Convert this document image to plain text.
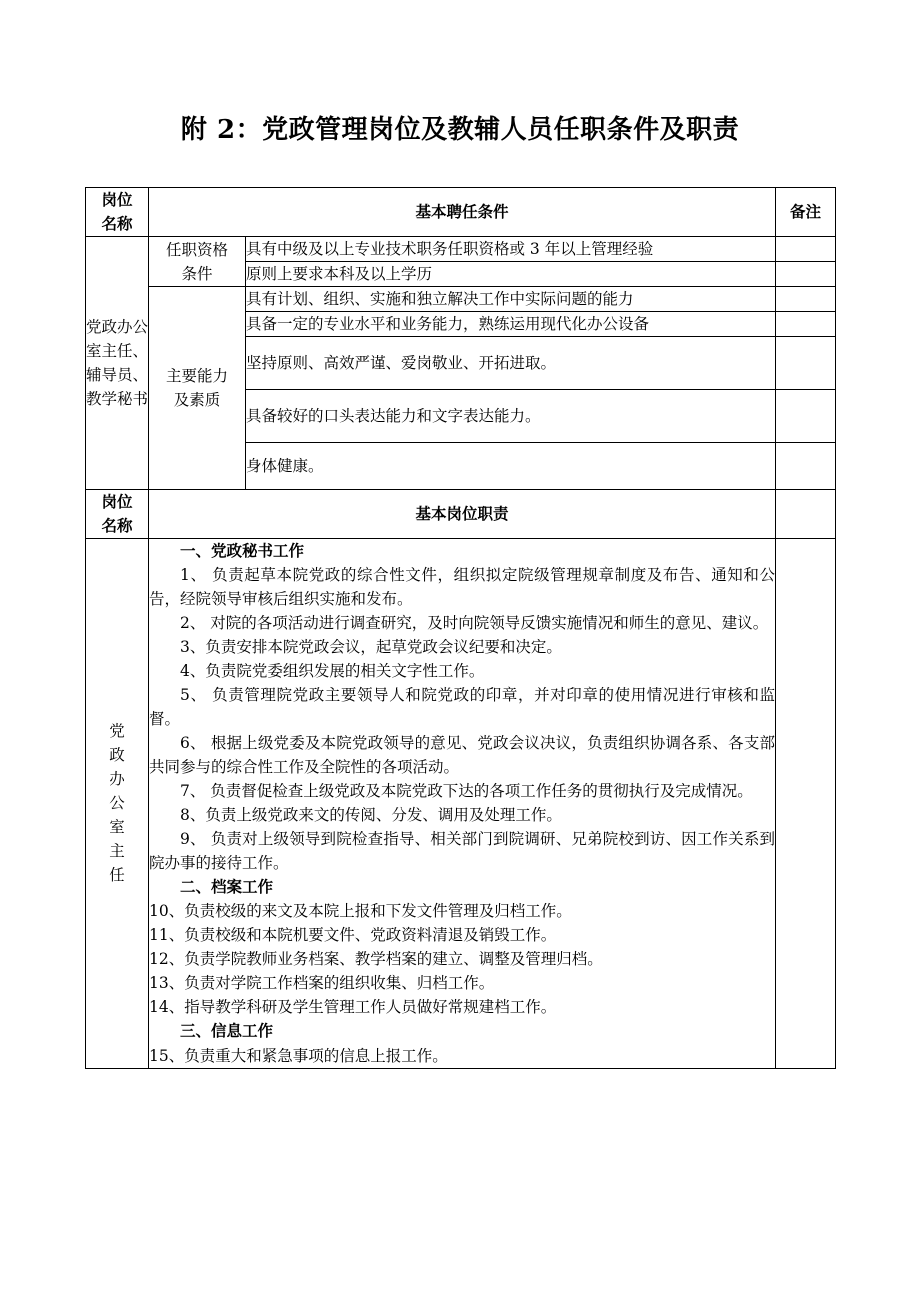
附 2：党政管理岗位及教辅人员任职条件及职责
岗位
名称	基本聘任条件		备注
党政办公室主任、辅导员、教学秘书	任职资格
条件	具有中级及以上专业技术职务任职资格或 3 年以上管理经验	
		原则上要求本科及以上学历	

	主要能力
及素质	具有计划、组织、实施和独立解决工作中实际问题的能力	
		具备一定的专业水平和业务能力，熟练运用现代化办公设备	
		坚持原则、高效严谨、爱岗敬业、开拓进取。	
		具备较好的口头表达能力和文字表达能力。	
		身体健康。	

岗位
名称	基本岗位职责		

党
政
办
公
室
主
任

一、党政秘书工作

1、 负责起草本院党政的综合性文件，组织拟定院级管理规章制度及布告、通知和公告，经院领导审核后组织实施和发布。

2、 对院的各项活动进行调查研究，及时向院领导反馈实施情况和师生的意见、建议。

3、负责安排本院党政会议，起草党政会议纪要和决定。

4、负责院党委组织发展的相关文字性工作。

5、 负责管理院党政主要领导人和院党政的印章，并对印章的使用情况进行审核和监督。

6、 根据上级党委及本院党政领导的意见、党政会议决议，负责组织协调各系、各支部共同参与的综合性工作及全院性的各项活动。

7、 负责督促检查上级党政及本院党政下达的各项工作任务的贯彻执行及完成情况。

8、负责上级党政来文的传阅、分发、调用及处理工作。

9、 负责对上级领导到院检查指导、相关部门到院调研、兄弟院校到访、因工作关系到院办事的接待工作。

二、档案工作

10、负责校级的来文及本院上报和下发文件管理及归档工作。

11、负责校级和本院机要文件、党政资料清退及销毁工作。

12、负责学院教师业务档案、教学档案的建立、调整及管理归档。

13、负责对学院工作档案的组织收集、归档工作。

14、指导教学科研及学生管理工作人员做好常规建档工作。

三、信息工作

15、负责重大和紧急事项的信息上报工作。
